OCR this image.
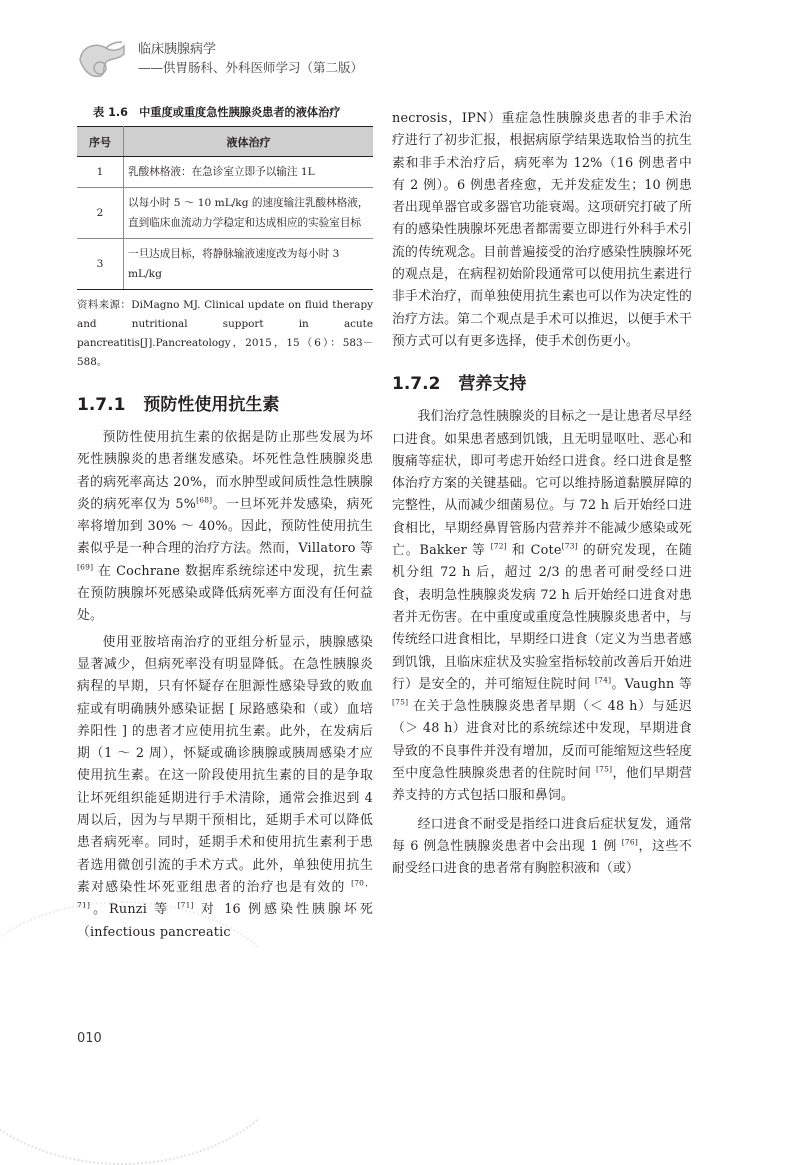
临床胰腺病学
——供胃肠科、外科医师学习（第二版）
表 1.6　中重度或重度急性胰腺炎患者的液体治疗
序号	液体治疗
1	乳酸林格液：在急诊室立即予以输注 1L
2	以每小时 5 ～ 10 mL/kg 的速度输注乳酸林格液，直到临床血流动力学稳定和达成相应的实验室目标
3	一旦达成目标，将静脉输液速度改为每小时 3 mL/kg
资料来源：DiMagno MJ. Clinical update on fluid therapy and nutritional support in acute pancreatitis[J].Pancreatology，2015，15（6）：583－588。
1.7.1 预防性使用抗生素

预防性使用抗生素的依据是防止那些发展为坏死性胰腺炎的患者继发感染。坏死性急性胰腺炎患者的病死率高达 20%，而水肿型或间质性急性胰腺炎的病死率仅为 5%[68]。一旦坏死并发感染，病死率将增加到 30% ～ 40%。因此，预防性使用抗生素似乎是一种合理的治疗方法。然而，Villatoro 等 [69] 在 Cochrane 数据库系统综述中发现，抗生素在预防胰腺坏死感染或降低病死率方面没有任何益处。

使用亚胺培南治疗的亚组分析显示，胰腺感染显著减少，但病死率没有明显降低。在急性胰腺炎病程的早期，只有怀疑存在胆源性感染导致的败血症或有明确胰外感染证据 [ 尿路感染和（或）血培养阳性 ] 的患者才应使用抗生素。此外，在发病后期（1 ～ 2 周），怀疑或确诊胰腺或胰周感染才应使用抗生素。在这一阶段使用抗生素的目的是争取让坏死组织能延期进行手术清除，通常会推迟到 4 周以后，因为与早期干预相比，延期手术可以降低患者病死率。同时，延期手术和使用抗生素利于患者选用微创引流的手术方式。此外，单独使用抗生素对感染性坏死亚组患者的治疗也是有效的 [70，71]。Runzi 等 [71] 对 16 例感染性胰腺坏死（infectious pancreatic

necrosis，IPN）重症急性胰腺炎患者的非手术治疗进行了初步汇报，根据病原学结果选取恰当的抗生素和非手术治疗后，病死率为 12%（16 例患者中有 2 例）。6 例患者痊愈，无并发症发生；10 例患者出现单器官或多器官功能衰竭。这项研究打破了所有的感染性胰腺坏死患者都需要立即进行外科手术引流的传统观念。目前普遍接受的治疗感染性胰腺坏死的观点是，在病程初始阶段通常可以使用抗生素进行非手术治疗，而单独使用抗生素也可以作为决定性的治疗方法。第二个观点是手术可以推迟，以便手术干预方式可以有更多选择，使手术创伤更小。

1.7.2 营养支持

我们治疗急性胰腺炎的目标之一是让患者尽早经口进食。如果患者感到饥饿，且无明显呕吐、恶心和腹痛等症状，即可考虑开始经口进食。经口进食是整体治疗方案的关键基础。它可以维持肠道黏膜屏障的完整性，从而减少细菌易位。与 72 h 后开始经口进食相比，早期经鼻胃管肠内营养并不能减少感染或死亡。Bakker 等 [72] 和 Cote[73] 的研究发现，在随机分组 72 h 后，超过 2/3 的患者可耐受经口进食，表明急性胰腺炎发病 72 h 后开始经口进食对患者并无伤害。在中重度或重度急性胰腺炎患者中，与传统经口进食相比，早期经口进食（定义为当患者感到饥饿，且临床症状及实验室指标较前改善后开始进行）是安全的，并可缩短住院时间 [74]。Vaughn 等 [75] 在关于急性胰腺炎患者早期（＜ 48 h）与延迟（＞ 48 h）进食对比的系统综述中发现，早期进食导致的不良事件并没有增加，反而可能缩短这些轻度至中度急性胰腺炎患者的住院时间 [75]，他们早期营养支持的方式包括口服和鼻饲。

经口进食不耐受是指经口进食后症状复发，通常每 6 例急性胰腺炎患者中会出现 1 例 [76]，这些不耐受经口进食的患者常有胸腔积液和（或）

010
